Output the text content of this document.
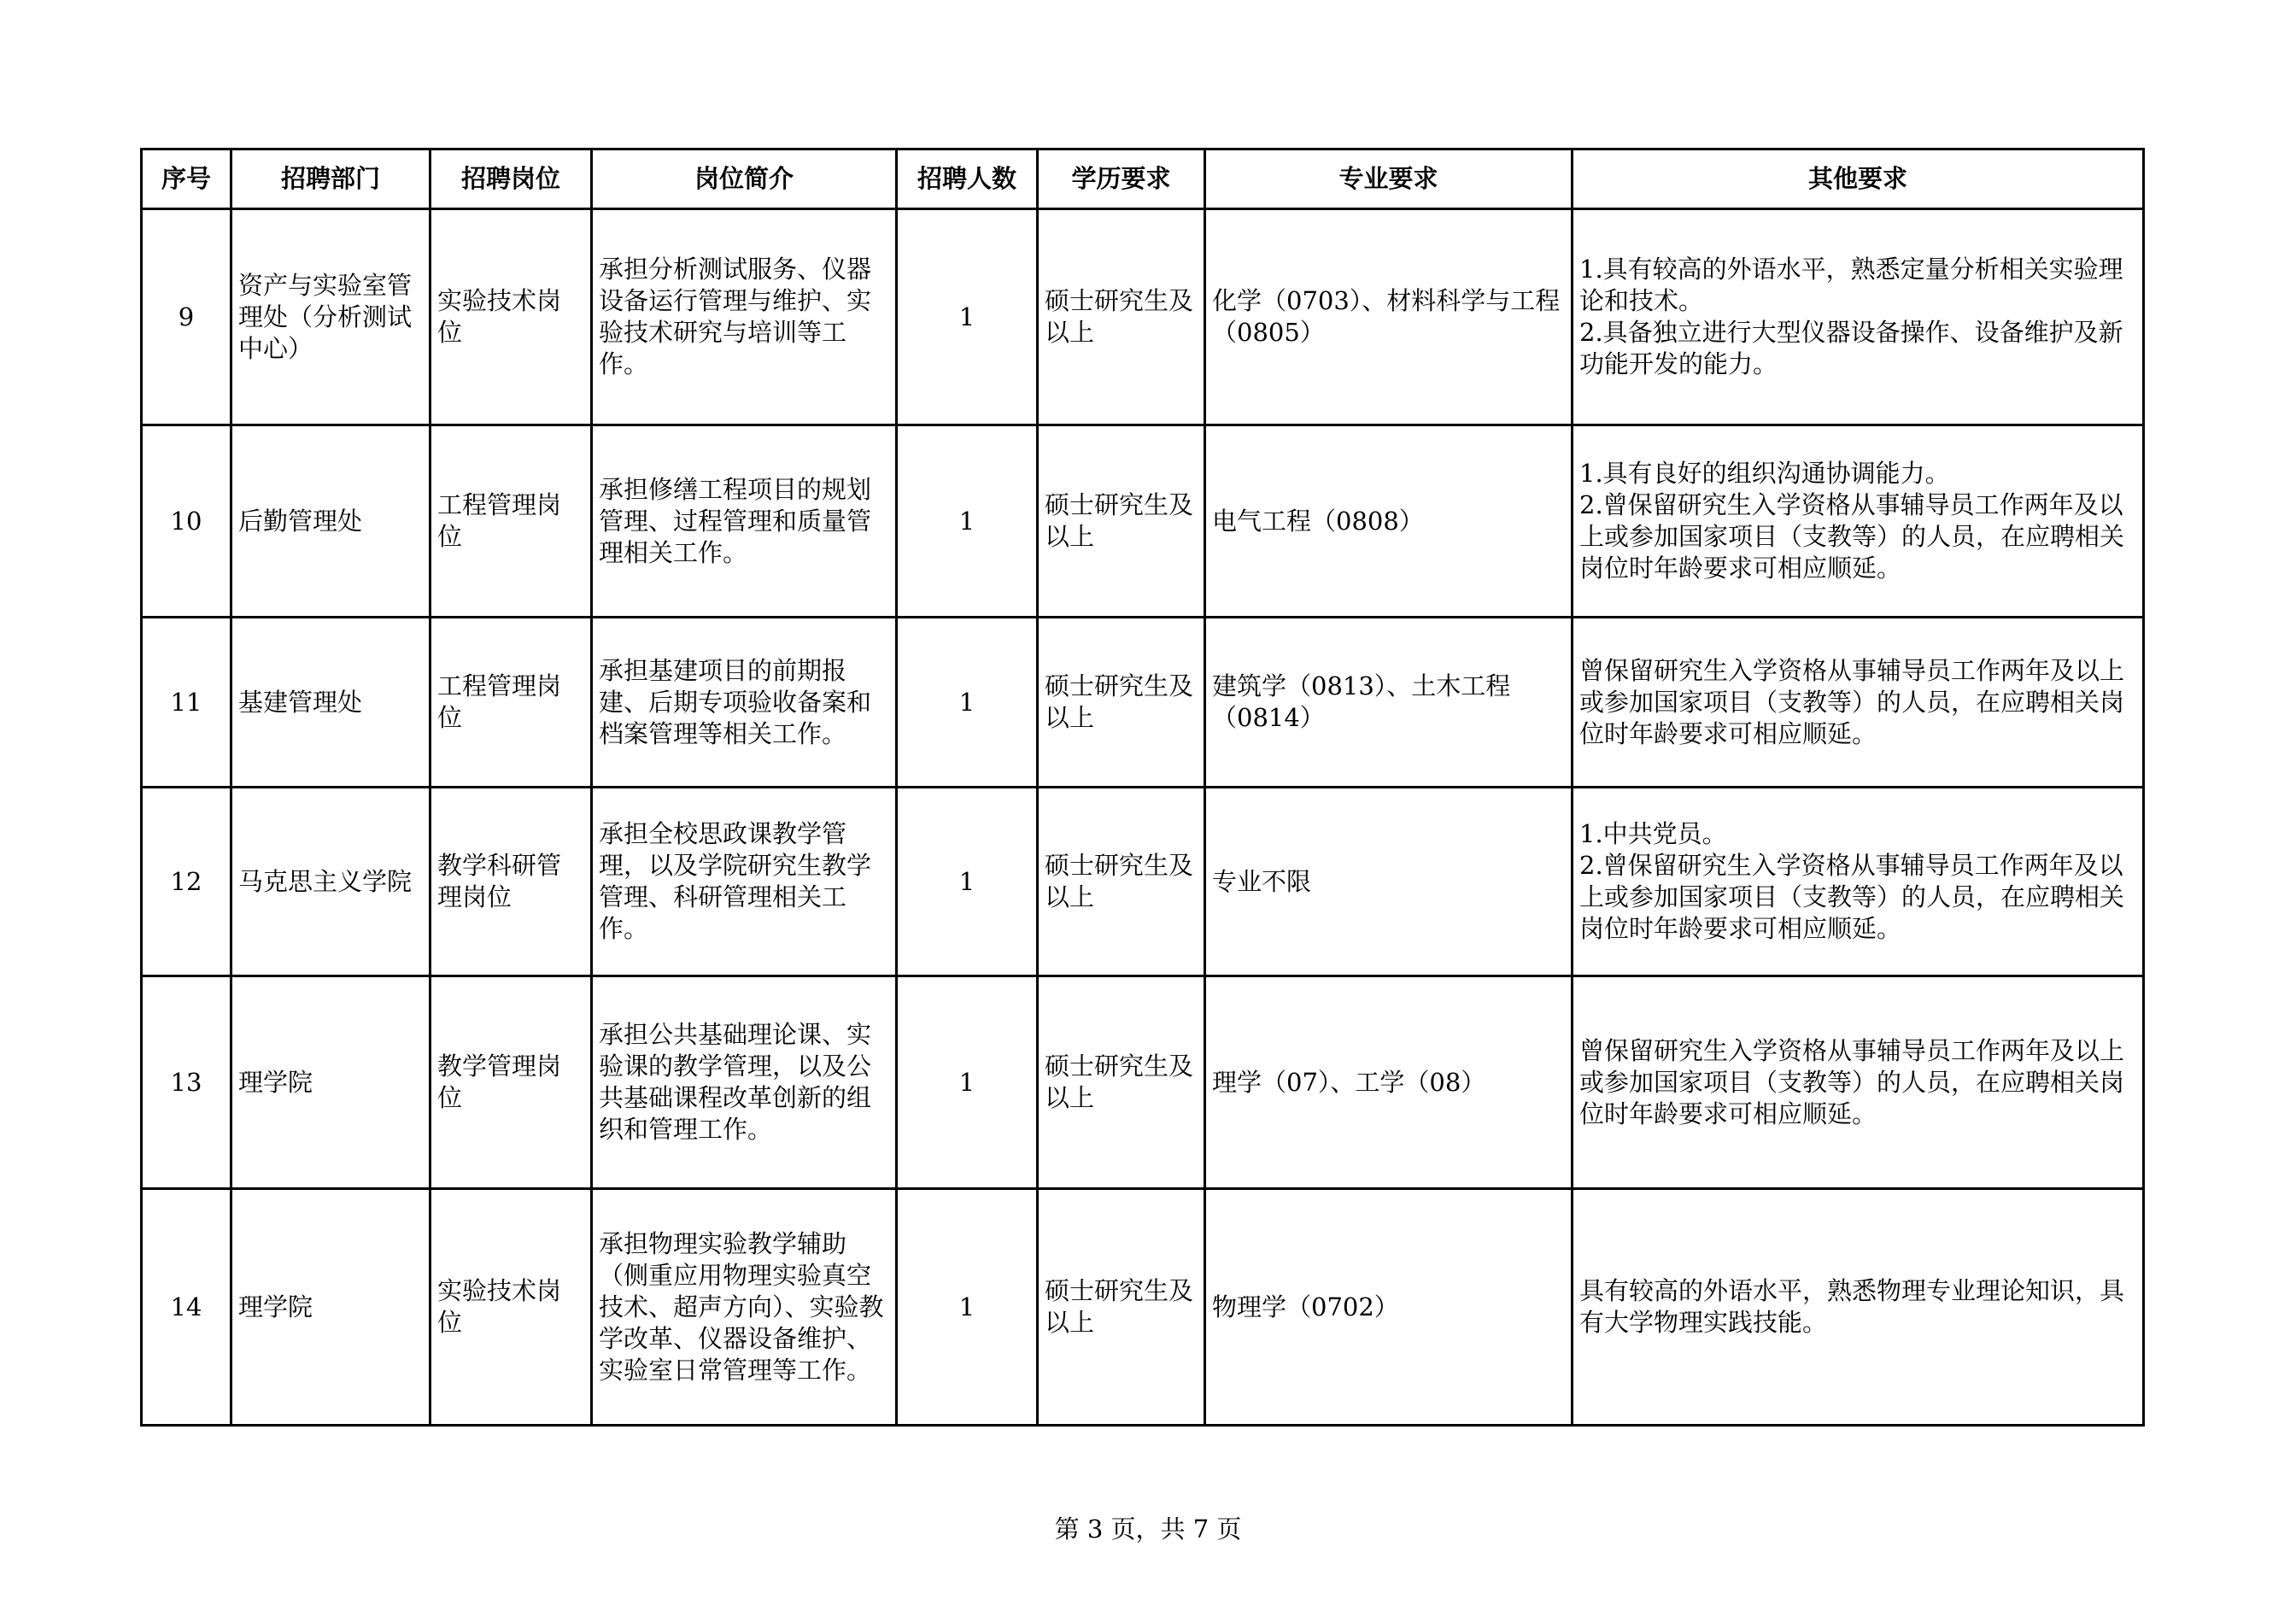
序号	招聘部门	招聘岗位	岗位简介	招聘人数	学历要求	专业要求	其他要求
9	资产与实验室管理处（分析测试中心）	实验技术岗位	承担分析测试服务、仪器设备运行管理与维护、实验技术研究与培训等工作。	1	硕士研究生及以上	化学（0703）、材料科学与工程（0805）	1.具有较高的外语水平，熟悉定量分析相关实验理论和技术。
2.具备独立进行大型仪器设备操作、设备维护及新功能开发的能力。

10	后勤管理处	工程管理岗位	承担修缮工程项目的规划管理、过程管理和质量管理相关工作。	1	硕士研究生及以上	电气工程（0808）	1.具有良好的组织沟通协调能力。
2.曾保留研究生入学资格从事辅导员工作两年及以上或参加国家项目（支教等）的人员，在应聘相关岗位时年龄要求可相应顺延。

11	基建管理处	工程管理岗位	承担基建项目的前期报建、后期专项验收备案和档案管理等相关工作。	1	硕士研究生及以上	建筑学（0813）、土木工程（0814）	曾保留研究生入学资格从事辅导员工作两年及以上或参加国家项目（支教等）的人员，在应聘相关岗位时年龄要求可相应顺延。

12	马克思主义学院	教学科研管理岗位	承担全校思政课教学管理，以及学院研究生教学管理、科研管理相关工作。	1	硕士研究生及以上	专业不限	1.中共党员。
2.曾保留研究生入学资格从事辅导员工作两年及以上或参加国家项目（支教等）的人员，在应聘相关岗位时年龄要求可相应顺延。

13	理学院	教学管理岗位	承担公共基础理论课、实验课的教学管理，以及公共基础课程改革创新的组织和管理工作。	1	硕士研究生及以上	理学（07）、工学（08）	曾保留研究生入学资格从事辅导员工作两年及以上或参加国家项目（支教等）的人员，在应聘相关岗位时年龄要求可相应顺延。

14	理学院	实验技术岗位	承担物理实验教学辅助（侧重应用物理实验真空技术、超声方向）、实验教学改革、仪器设备维护、实验室日常管理等工作。	1	硕士研究生及以上	物理学（0702）	具有较高的外语水平，熟悉物理专业理论知识，具有大学物理实践技能。
第 3 页，共 7 页
